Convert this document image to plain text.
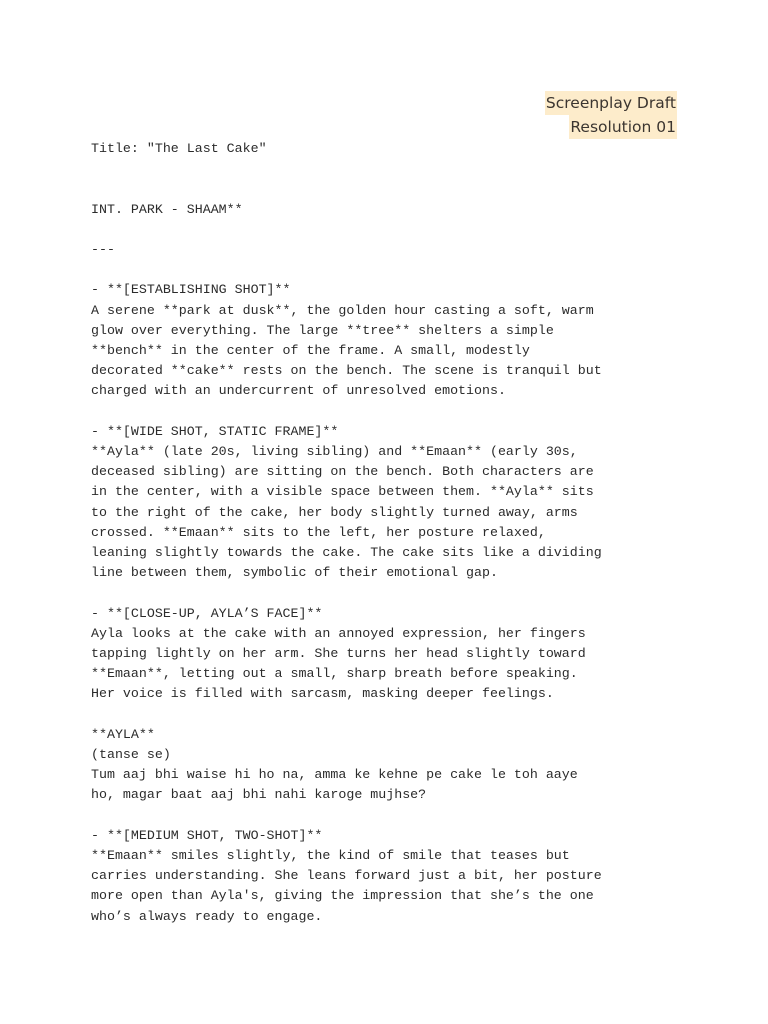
Screenplay Draft
Resolution 01
Title: "The Last Cake"
INT. PARK - SHAAM**
---
- **[ESTABLISHING SHOT]**
A serene **park at dusk**, the golden hour casting a soft, warm
glow over everything. The large **tree** shelters a simple
**bench** in the center of the frame. A small, modestly
decorated **cake** rests on the bench. The scene is tranquil but
charged with an undercurrent of unresolved emotions.
- **[WIDE SHOT, STATIC FRAME]**
**Ayla** (late 20s, living sibling) and **Emaan** (early 30s,
deceased sibling) are sitting on the bench. Both characters are
in the center, with a visible space between them. **Ayla** sits
to the right of the cake, her body slightly turned away, arms
crossed. **Emaan** sits to the left, her posture relaxed,
leaning slightly towards the cake. The cake sits like a dividing
line between them, symbolic of their emotional gap.
- **[CLOSE-UP, AYLA’S FACE]**
Ayla looks at the cake with an annoyed expression, her fingers
tapping lightly on her arm. She turns her head slightly toward
**Emaan**, letting out a small, sharp breath before speaking.
Her voice is filled with sarcasm, masking deeper feelings.
**AYLA**
(tanse se)
Tum aaj bhi waise hi ho na, amma ke kehne pe cake le toh aaye
ho, magar baat aaj bhi nahi karoge mujhse?
- **[MEDIUM SHOT, TWO-SHOT]**
**Emaan** smiles slightly, the kind of smile that teases but
carries understanding. She leans forward just a bit, her posture
more open than Ayla's, giving the impression that she’s the one
who’s always ready to engage.
